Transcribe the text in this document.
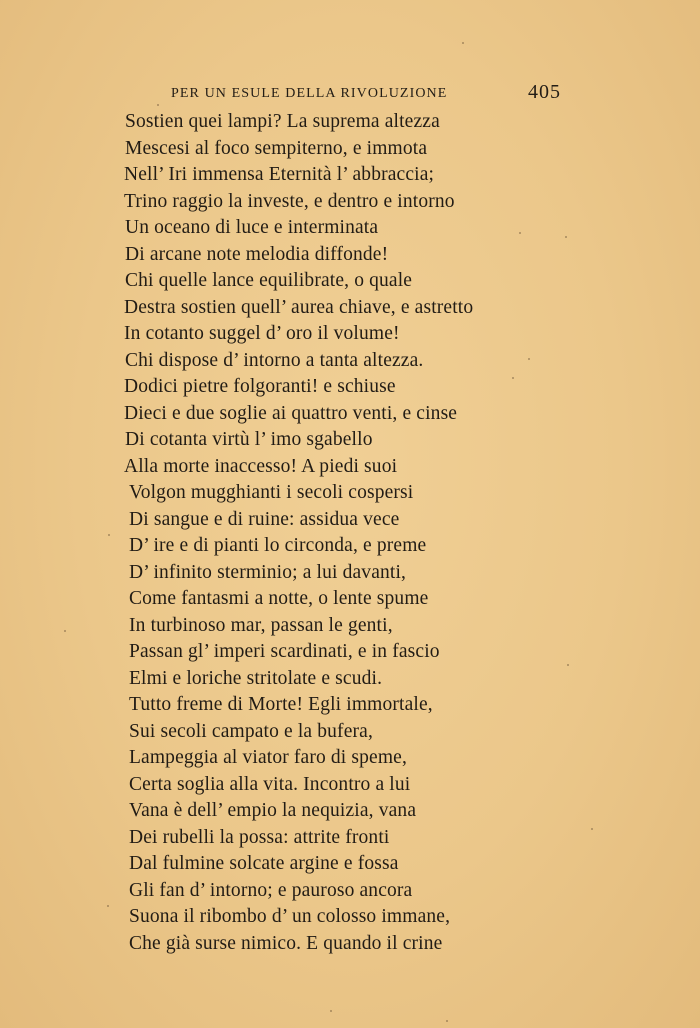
PER UN ESULE DELLA RIVOLUZIONE	405
Sostien quei lampi? La suprema altezza
Mescesi al foco sempiterno, e immota
Nell’ Iri immensa Eternità l’ abbraccia;
Trino raggio la investe, e dentro e intorno
Un oceano di luce e interminata
Di arcane note melodia diffonde!
Chi quelle lance equilibrate, o quale
Destra sostien quell’ aurea chiave, e astretto
In cotanto suggel d’ oro il volume!
Chi dispose d’ intorno a tanta altezza.
Dodici pietre folgoranti! e schiuse
Dieci e due soglie ai quattro venti, e cinse
Di cotanta virtù l’ imo sgabello
Alla morte inaccesso! A piedi suoi
Volgon mugghianti i secoli cospersi
Di sangue e di ruine: assidua vece
D’ ire e di pianti lo circonda, e preme
D’ infinito sterminio; a lui davanti,
Come fantasmi a notte, o lente spume
In turbinoso mar, passan le genti,
Passan gl’ imperi scardinati, e in fascio
Elmi e loriche stritolate e scudi.
Tutto freme di Morte! Egli immortale,
Sui secoli campato e la bufera,
Lampeggia al viator faro di speme,
Certa soglia alla vita. Incontro a lui
Vana è dell’ empio la nequizia, vana
Dei rubelli la possa: attrite fronti
Dal fulmine solcate argine e fossa
Gli fan d’ intorno; e pauroso ancora
Suona il ribombo d’ un colosso immane,
Che già surse nimico. E quando il crine
